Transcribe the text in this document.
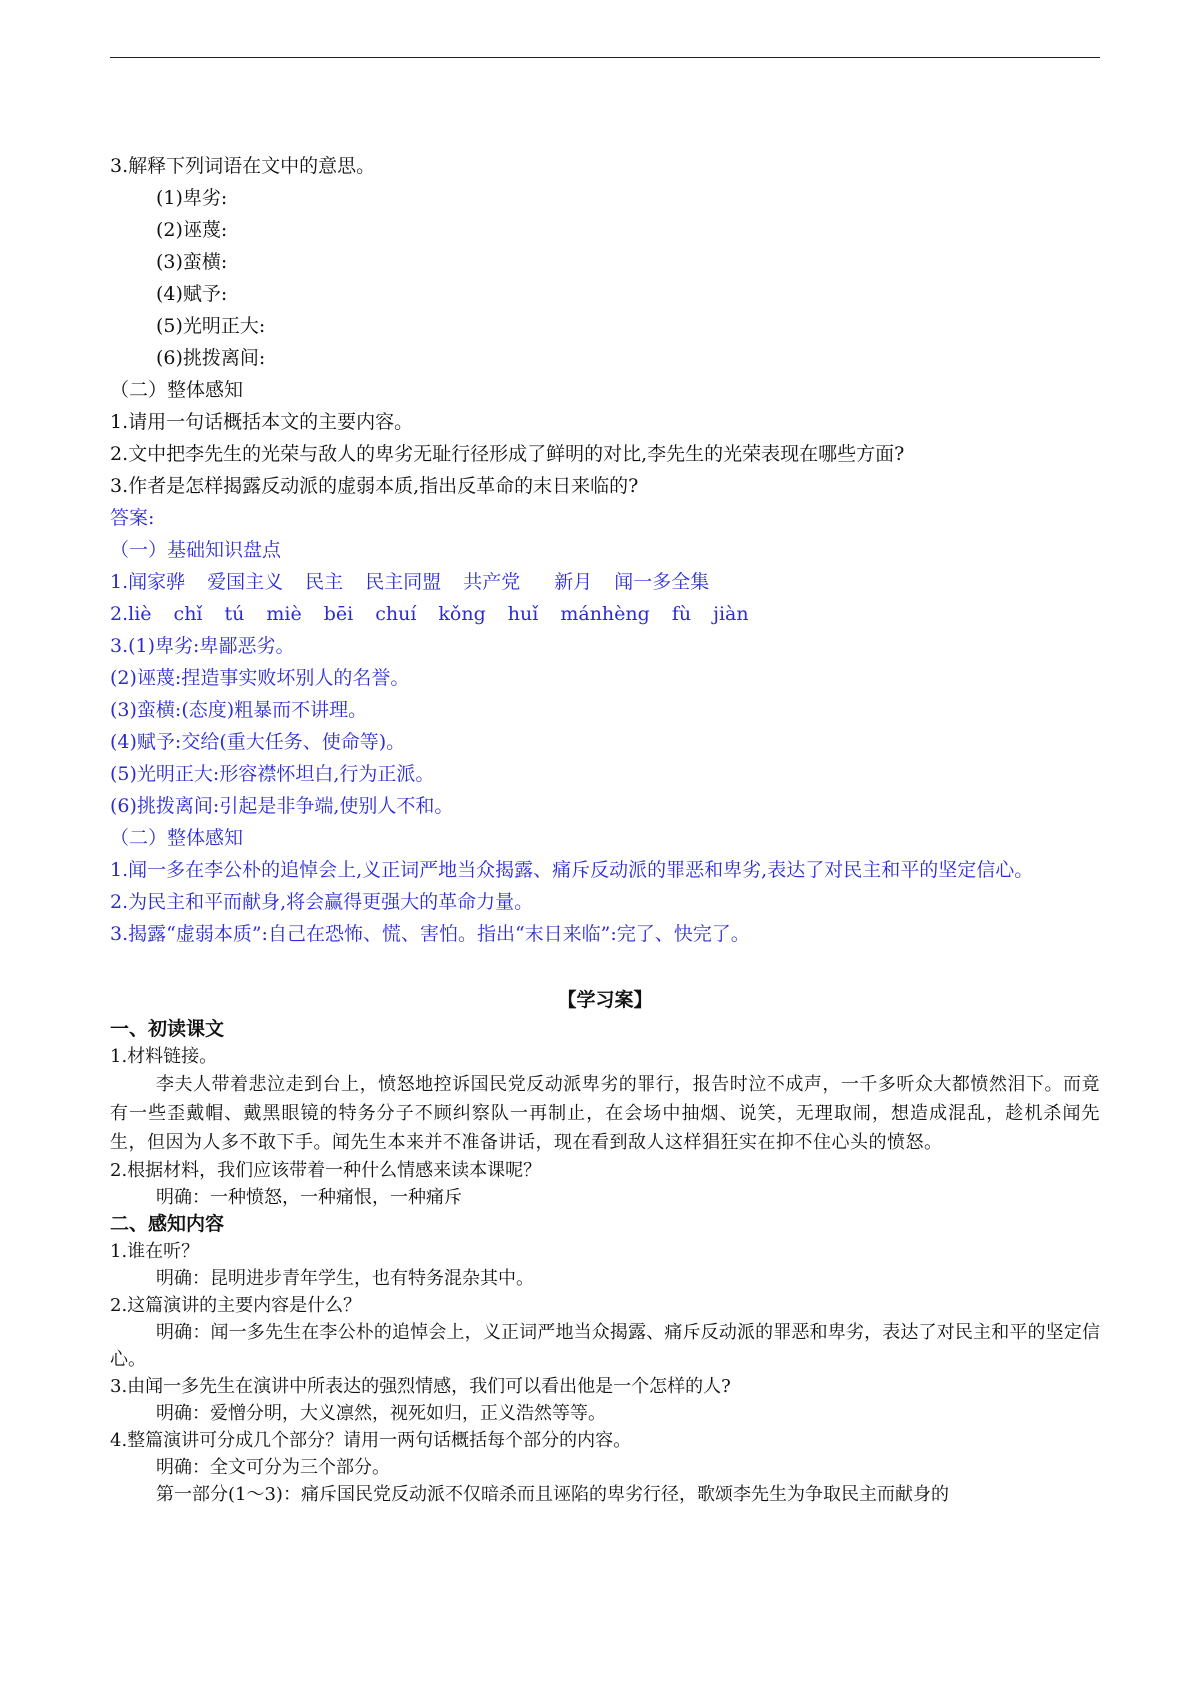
3.解释下列词语在文中的意思。

(1)卑劣:

(2)诬蔑:

(3)蛮横:

(4)赋予:

(5)光明正大:

(6)挑拨离间:

（二）整体感知

1.请用一句话概括本文的主要内容。

2.文中把李先生的光荣与敌人的卑劣无耻行径形成了鲜明的对比,李先生的光荣表现在哪些方面?

3.作者是怎样揭露反动派的虚弱本质,指出反革命的末日来临的?

答案:

（一）基础知识盘点

1.闻家骅 爱国主义 民主 民主同盟 共产党 新月 闻一多全集

2.liè chǐ tú miè bēi chuí kǒng huǐ mánhèng fù jiàn

3.(1)卑劣:卑鄙恶劣。

(2)诬蔑:捏造事实败坏别人的名誉。

(3)蛮横:(态度)粗暴而不讲理。

(4)赋予:交给(重大任务、使命等)。

(5)光明正大:形容襟怀坦白,行为正派。

(6)挑拨离间:引起是非争端,使别人不和。

（二）整体感知

1.闻一多在李公朴的追悼会上,义正词严地当众揭露、痛斥反动派的罪恶和卑劣,表达了对民主和平的坚定信心。

2.为民主和平而献身,将会赢得更强大的革命力量。

3.揭露“虚弱本质”:自己在恐怖、慌、害怕。指出“末日来临”:完了、快完了。

【学习案】
一、初读课文

1.材料链接。

李夫人带着悲泣走到台上，愤怒地控诉国民党反动派卑劣的罪行，报告时泣不成声，一千多听众大都愤然泪下。而竟有一些歪戴帽、戴黑眼镜的特务分子不顾纠察队一再制止，在会场中抽烟、说笑，无理取闹，想造成混乱，趁机杀闻先生，但因为人多不敢下手。闻先生本来并不准备讲话，现在看到敌人这样猖狂实在抑不住心头的愤怒。

2.根据材料，我们应该带着一种什么情感来读本课呢？

明确：一种愤怒，一种痛恨，一种痛斥

二、感知内容

1.谁在听？

明确：昆明进步青年学生，也有特务混杂其中。

2.这篇演讲的主要内容是什么？

明确：闻一多先生在李公朴的追悼会上，义正词严地当众揭露、痛斥反动派的罪恶和卑劣，表达了对民主和平的坚定信心。

3.由闻一多先生在演讲中所表达的强烈情感，我们可以看出他是一个怎样的人?

明确：爱憎分明，大义凛然，视死如归，正义浩然等等。

4.整篇演讲可分成几个部分？请用一两句话概括每个部分的内容。

明确：全文可分为三个部分。

第一部分(1～3)：痛斥国民党反动派不仅暗杀而且诬陷的卑劣行径，歌颂李先生为争取民主而献身的
